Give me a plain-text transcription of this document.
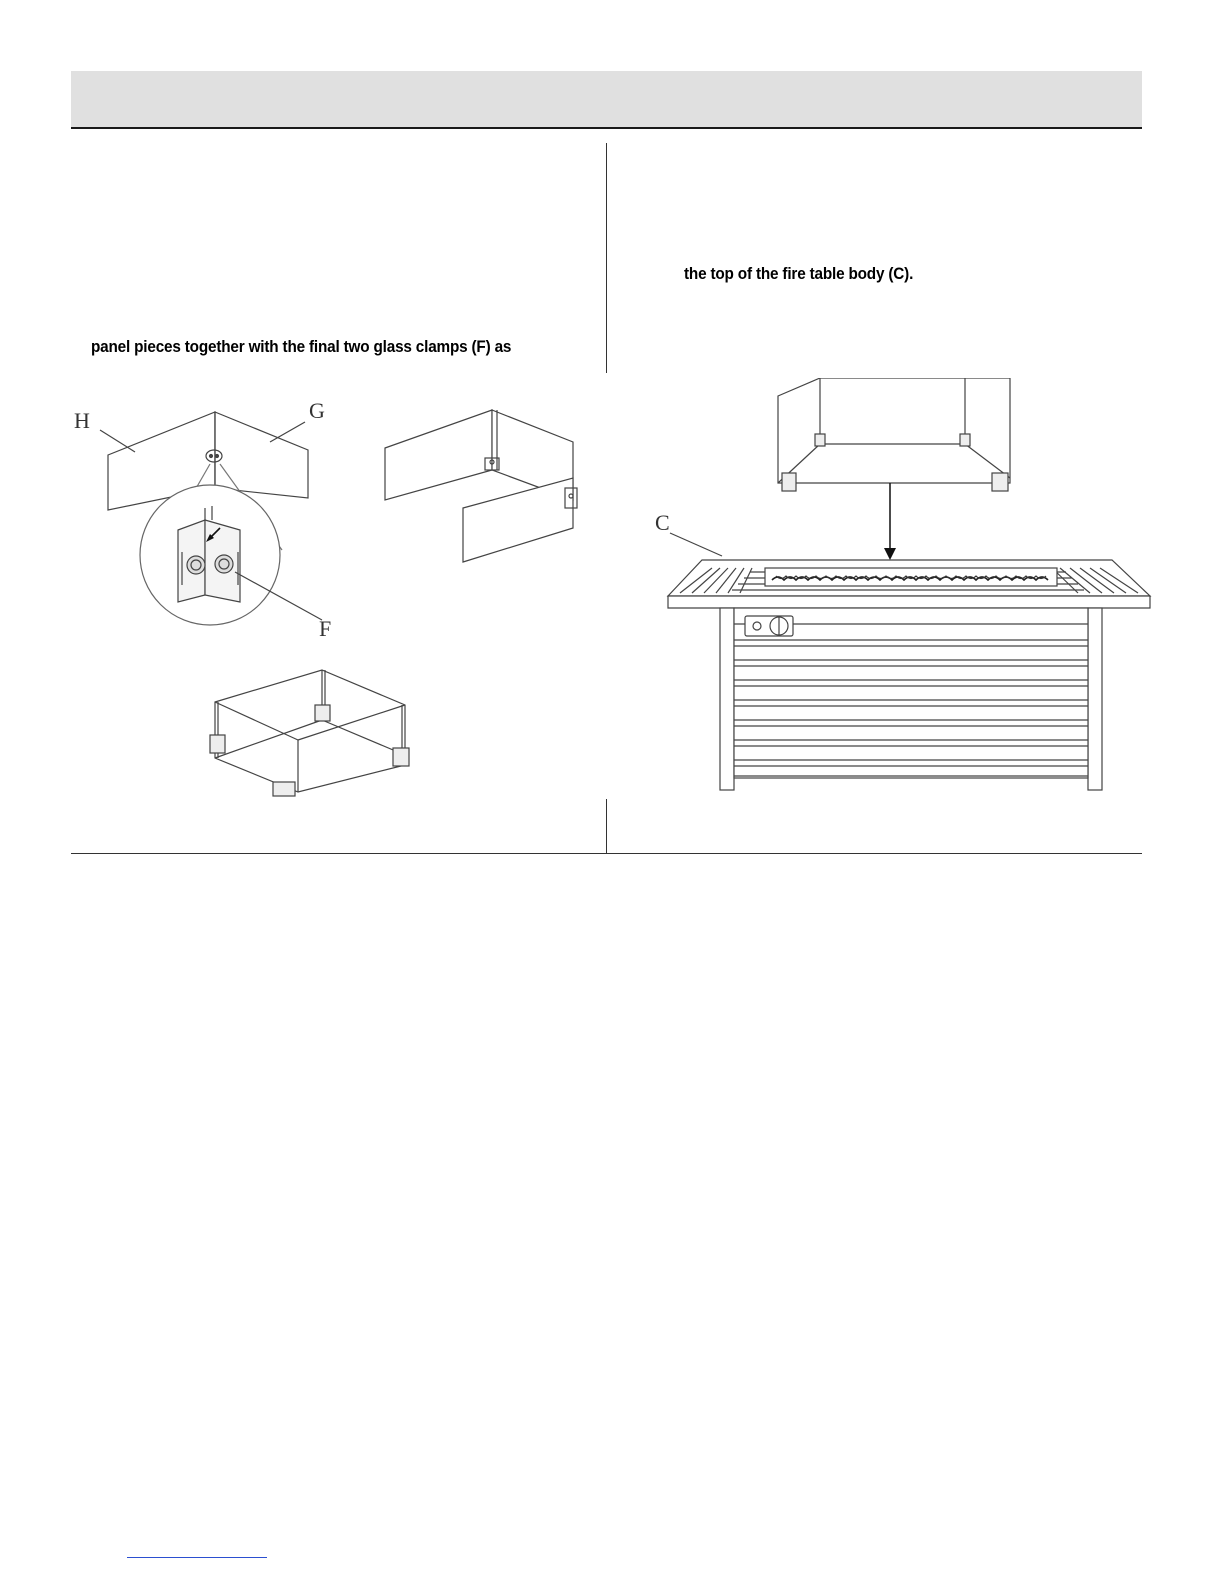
panel pieces together with the final two glass clamps (F) as
the top of the fire table body (C).
H	G
F
C
